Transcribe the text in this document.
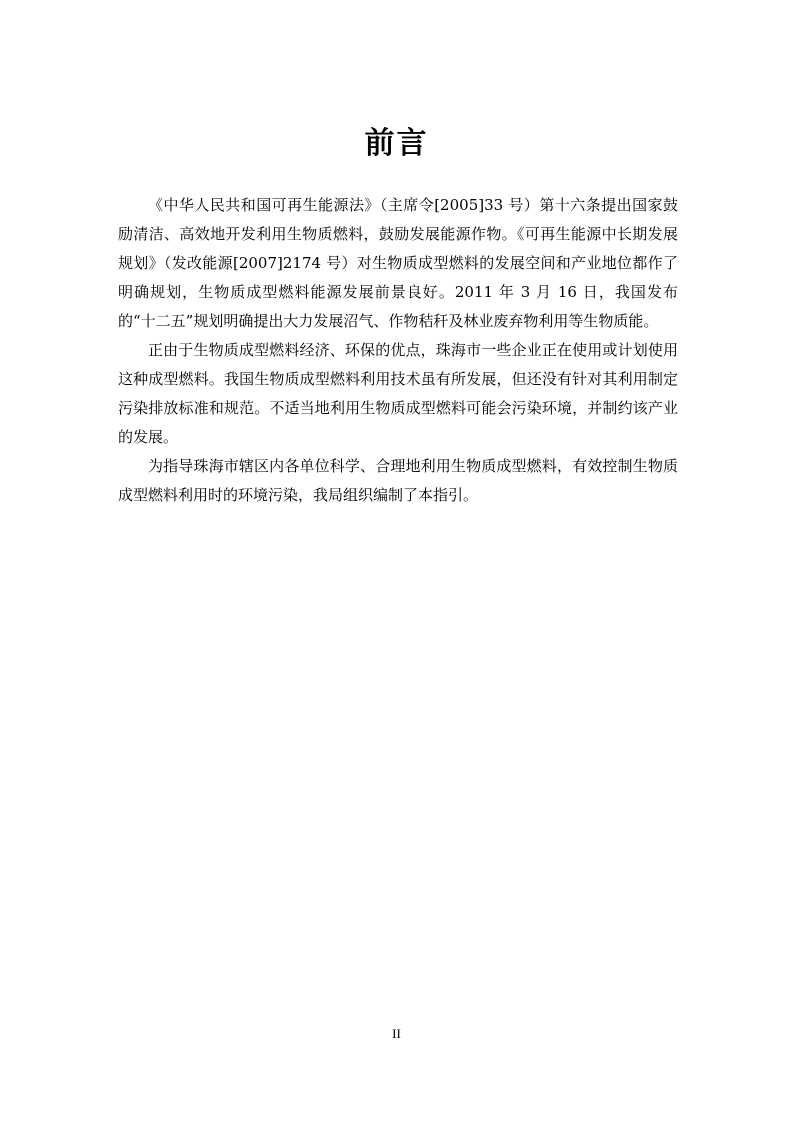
前言

《中华人民共和国可再生能源法》（主席令[2005]33 号）第十六条提出国家鼓励清洁、高效地开发利用生物质燃料，鼓励发展能源作物。《可再生能源中长期发展规划》（发改能源[2007]2174 号）对生物质成型燃料的发展空间和产业地位都作了明确规划，生物质成型燃料能源发展前景良好。2011 年 3 月 16 日，我国发布的“十二五”规划明确提出大力发展沼气、作物秸秆及林业废弃物利用等生物质能。

正由于生物质成型燃料经济、环保的优点，珠海市一些企业正在使用或计划使用这种成型燃料。我国生物质成型燃料利用技术虽有所发展，但还没有针对其利用制定污染排放标准和规范。不适当地利用生物质成型燃料可能会污染环境，并制约该产业的发展。

为指导珠海市辖区内各单位科学、合理地利用生物质成型燃料，有效控制生物质成型燃料利用时的环境污染，我局组织编制了本指引。

II
